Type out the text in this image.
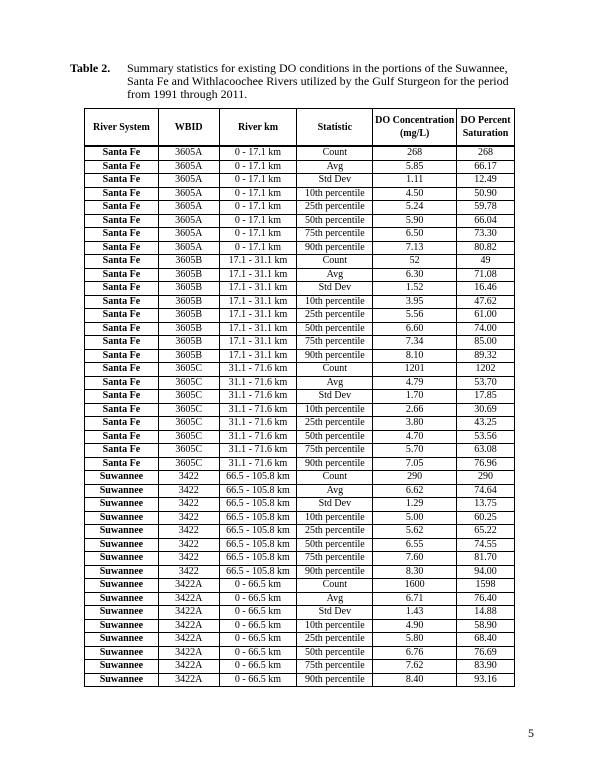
Table 2. Summary statistics for existing DO conditions in the portions of the Suwannee, Santa Fe and Withlacoochee Rivers utilized by the Gulf Sturgeon for the period from 1991 through 2011.
River System	WBID	River km	Statistic	DO Concentration (mg/L)	DO Percent Saturation
Santa Fe	3605A	0 - 17.1 km	Count	268	268
Santa Fe	3605A	0 - 17.1 km	Avg	5.85	66.17
Santa Fe	3605A	0 - 17.1 km	Std Dev	1.11	12.49
Santa Fe	3605A	0 - 17.1 km	10th percentile	4.50	50.90
Santa Fe	3605A	0 - 17.1 km	25th percentile	5.24	59.78
Santa Fe	3605A	0 - 17.1 km	50th percentile	5.90	66.04
Santa Fe	3605A	0 - 17.1 km	75th percentile	6.50	73.30
Santa Fe	3605A	0 - 17.1 km	90th percentile	7.13	80.82
Santa Fe	3605B	17.1 - 31.1 km	Count	52	49
Santa Fe	3605B	17.1 - 31.1 km	Avg	6.30	71.08
Santa Fe	3605B	17.1 - 31.1 km	Std Dev	1.52	16.46
Santa Fe	3605B	17.1 - 31.1 km	10th percentile	3.95	47.62
Santa Fe	3605B	17.1 - 31.1 km	25th percentile	5.56	61.00
Santa Fe	3605B	17.1 - 31.1 km	50th percentile	6.60	74.00
Santa Fe	3605B	17.1 - 31.1 km	75th percentile	7.34	85.00
Santa Fe	3605B	17.1 - 31.1 km	90th percentile	8.10	89.32
Santa Fe	3605C	31.1 - 71.6 km	Count	1201	1202
Santa Fe	3605C	31.1 - 71.6 km	Avg	4.79	53.70
Santa Fe	3605C	31.1 - 71.6 km	Std Dev	1.70	17.85
Santa Fe	3605C	31.1 - 71.6 km	10th percentile	2.66	30.69
Santa Fe	3605C	31.1 - 71.6 km	25th percentile	3.80	43.25
Santa Fe	3605C	31.1 - 71.6 km	50th percentile	4.70	53.56
Santa Fe	3605C	31.1 - 71.6 km	75th percentile	5.70	63.08
Santa Fe	3605C	31.1 - 71.6 km	90th percentile	7.05	76.96
Suwannee	3422	66.5 - 105.8 km	Count	290	290
Suwannee	3422	66.5 - 105.8 km	Avg	6.62	74.64
Suwannee	3422	66.5 - 105.8 km	Std Dev	1.29	13.75
Suwannee	3422	66.5 - 105.8 km	10th percentile	5.00	60.25
Suwannee	3422	66.5 - 105.8 km	25th percentile	5.62	65.22
Suwannee	3422	66.5 - 105.8 km	50th percentile	6.55	74.55
Suwannee	3422	66.5 - 105.8 km	75th percentile	7.60	81.70
Suwannee	3422	66.5 - 105.8 km	90th percentile	8.30	94.00
Suwannee	3422A	0 - 66.5 km	Count	1600	1598
Suwannee	3422A	0 - 66.5 km	Avg	6.71	76.40
Suwannee	3422A	0 - 66.5 km	Std Dev	1.43	14.88
Suwannee	3422A	0 - 66.5 km	10th percentile	4.90	58.90
Suwannee	3422A	0 - 66.5 km	25th percentile	5.80	68.40
Suwannee	3422A	0 - 66.5 km	50th percentile	6.76	76.69
Suwannee	3422A	0 - 66.5 km	75th percentile	7.62	83.90
Suwannee	3422A	0 - 66.5 km	90th percentile	8.40	93.16
5
